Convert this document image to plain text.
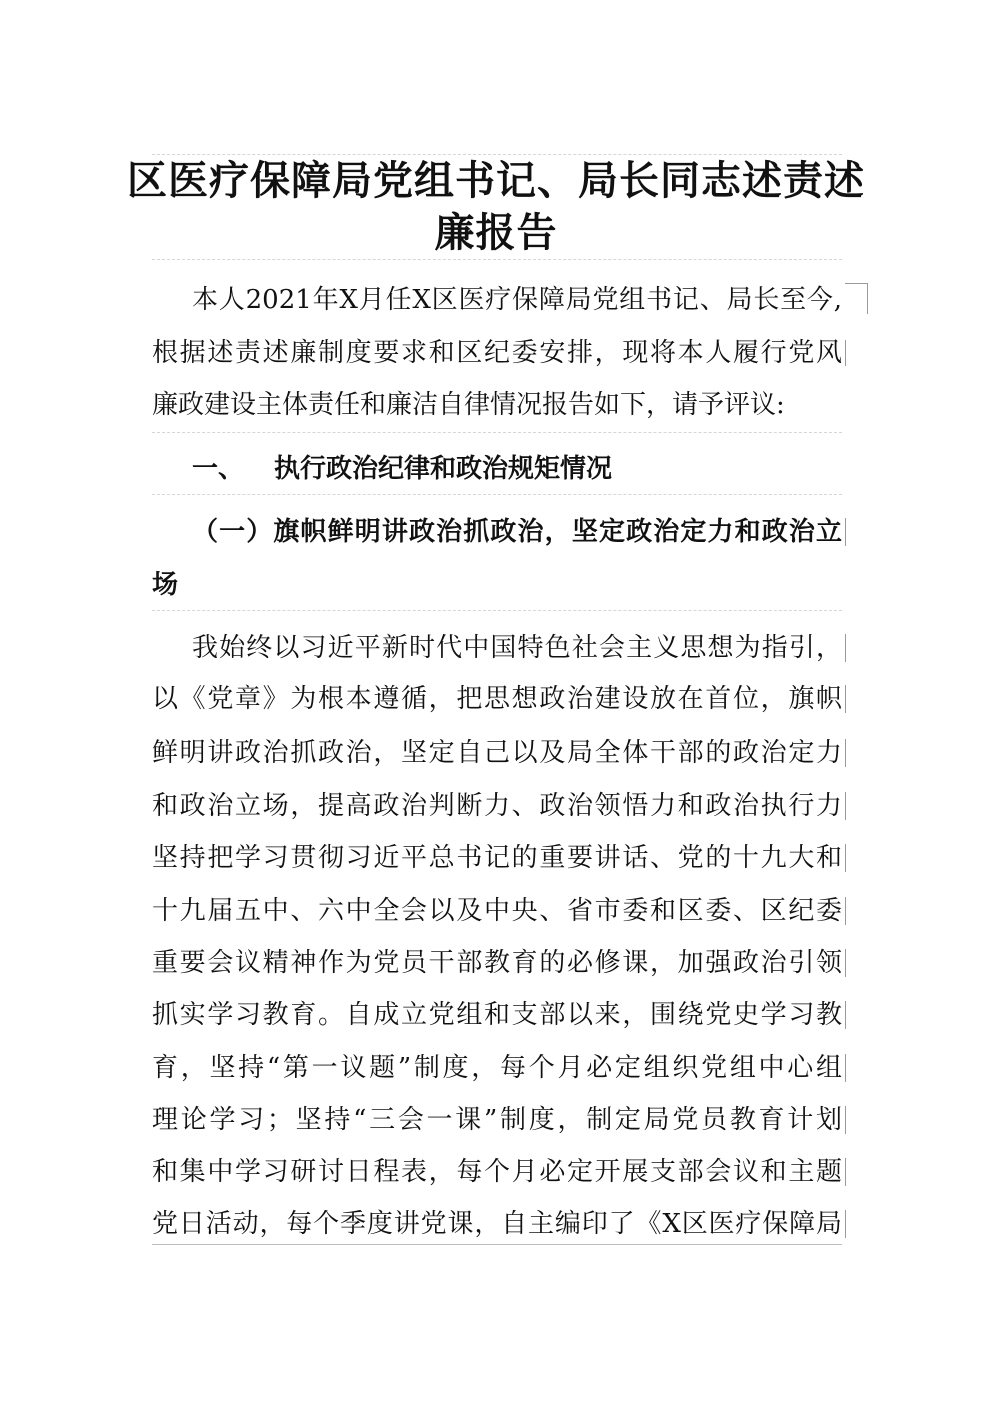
区医疗保障局党组书记、局长同志述责述
廉报告
本人2021年X月任X区医疗保障局党组书记、局长至今,
根据述责述廉制度要求和区纪委安排，现将本人履行党风
廉政建设主体责任和廉洁自律情况报告如下，请予评议:
一、 执行政治纪律和政治规矩情况
（一）旗帜鲜明讲政治抓政治，坚定政治定力和政治立
场
我始终以习近平新时代中国特色社会主义思想为指引，
以《党章》为根本遵循，把思想政治建设放在首位，旗帜
鲜明讲政治抓政治，坚定自己以及局全体干部的政治定力
和政治立场，提高政治判断力、政治领悟力和政治执行力
坚持把学习贯彻习近平总书记的重要讲话、党的十九大和
十九届五中、六中全会以及中央、省市委和区委、区纪委
重要会议精神作为党员干部教育的必修课，加强政治引领
抓实学习教育。自成立党组和支部以来，围绕党史学习教
育，坚持“第一议题”制度，每个月必定组织党组中心组
理论学习；坚持“三会一课”制度，制定局党员教育计划
和集中学习研讨日程表，每个月必定开展支部会议和主题
党日活动，每个季度讲党课，自主编印了《X区医疗保障局
